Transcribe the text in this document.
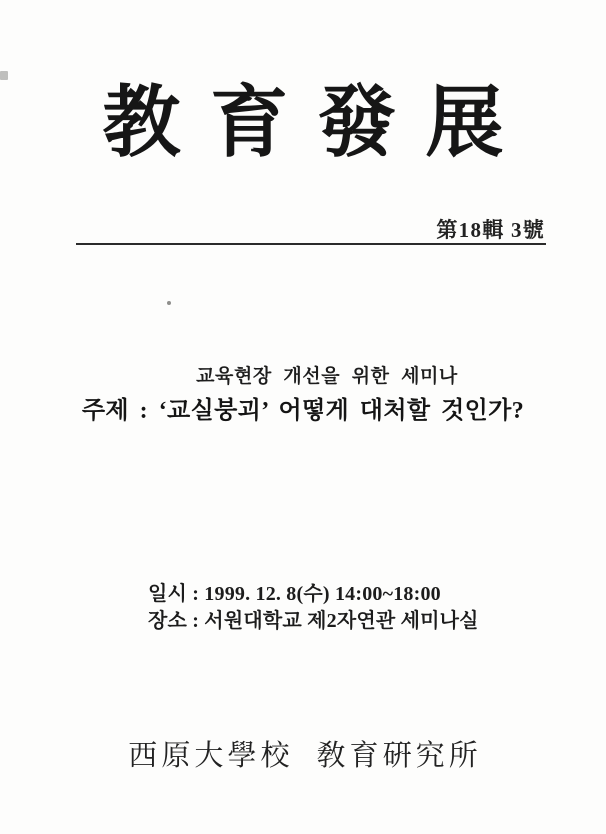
教育發展
第18輯 3號
교육현장 개선을 위한 세미나
주제 : ‘교실붕괴’ 어떻게 대처할 것인가?
일시 : 1999. 12. 8(수) 14:00~18:00
장소 : 서원대학교 제2자연관 세미나실
西原大學校 敎育硏究所
